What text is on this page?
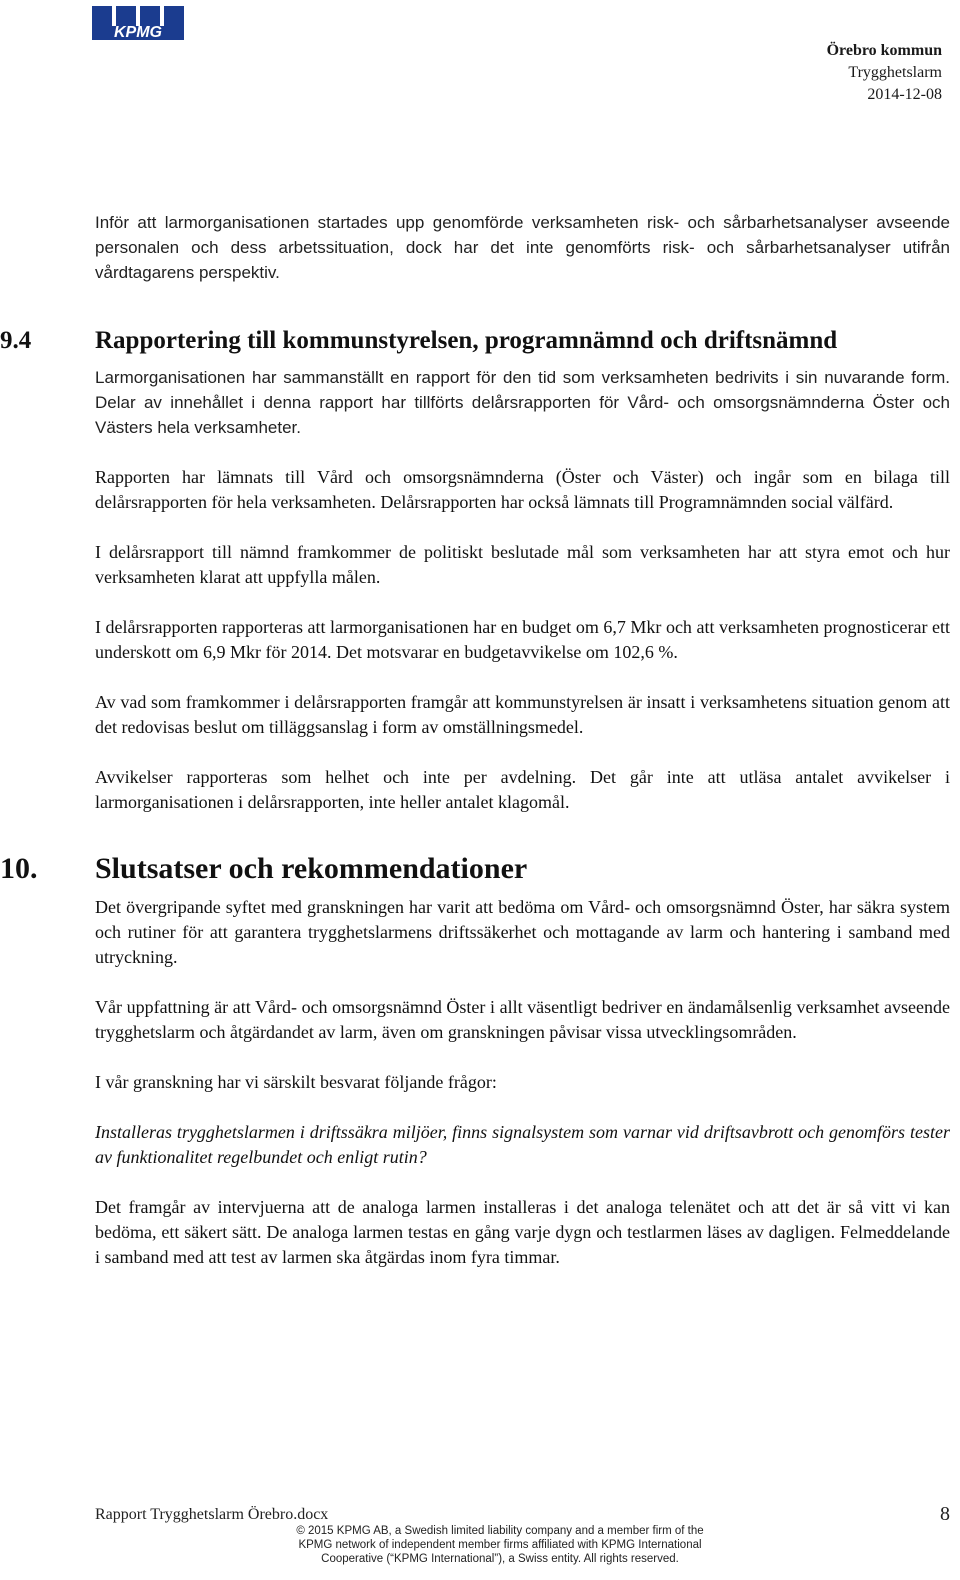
KPMG
Örebro kommun
Trygghetslarm
2014-12-08

Inför att larmorganisationen startades upp genomförde verksamheten risk- och sårbarhetsanalyser avseende personalen och dess arbetssituation, dock har det inte genomförts risk- och sårbarhetsanalyser utifrån vårdtagarens perspektiv.

9.4	Rapportering till kommunstyrelsen, programnämnd och driftsnämnd

Larmorganisationen har sammanställt en rapport för den tid som verksamheten bedrivits i sin nuvarande form. Delar av innehållet i denna rapport har tillförts delårsrapporten för Vård- och omsorgsnämnderna Öster och Västers hela verksamheter.

Rapporten har lämnats till Vård och omsorgsnämnderna (Öster och Väster) och ingår som en bilaga till delårsrapporten för hela verksamheten. Delårsrapporten har också lämnats till Programnämnden social välfärd.

I delårsrapport till nämnd framkommer de politiskt beslutade mål som verksamheten har att styra emot och hur verksamheten klarat att uppfylla målen.

I delårsrapporten rapporteras att larmorganisationen har en budget om 6,7 Mkr och att verksamheten prognosticerar ett underskott om 6,9 Mkr för 2014. Det motsvarar en budgetavvikelse om 102,6 %.

Av vad som framkommer i delårsrapporten framgår att kommunstyrelsen är insatt i verksamhetens situation genom att det redovisas beslut om tilläggsanslag i form av omställningsmedel.

Avvikelser rapporteras som helhet och inte per avdelning. Det går inte att utläsa antalet avvikelser i larmorganisationen i delårsrapporten, inte heller antalet klagomål.

10.	Slutsatser och rekommendationer

Det övergripande syftet med granskningen har varit att bedöma om Vård- och omsorgsnämnd Öster, har säkra system och rutiner för att garantera trygghetslarmens driftssäkerhet och mottagande av larm och hantering i samband med utryckning.

Vår uppfattning är att Vård- och omsorgsnämnd Öster i allt väsentligt bedriver en ändamålsenlig verksamhet avseende trygghetslarm och åtgärdandet av larm, även om granskningen påvisar vissa utvecklingsområden.

I vår granskning har vi särskilt besvarat följande frågor:

Installeras trygghetslarmen i driftssäkra miljöer, finns signalsystem som varnar vid driftsavbrott och genomförs tester av funktionalitet regelbundet och enligt rutin?

Det framgår av intervjuerna att de analoga larmen installeras i det analoga telenätet och att det är så vitt vi kan bedöma, ett säkert sätt. De analoga larmen testas en gång varje dygn och testlarmen läses av dagligen. Felmeddelande i samband med att test av larmen ska åtgärdas inom fyra timmar.

Rapport Trygghetslarm Örebro.docx	8
© 2015 KPMG AB, a Swedish limited liability company and a member firm of the
KPMG network of independent member firms affiliated with KPMG International
Cooperative (“KPMG International”), a Swiss entity. All rights reserved.
